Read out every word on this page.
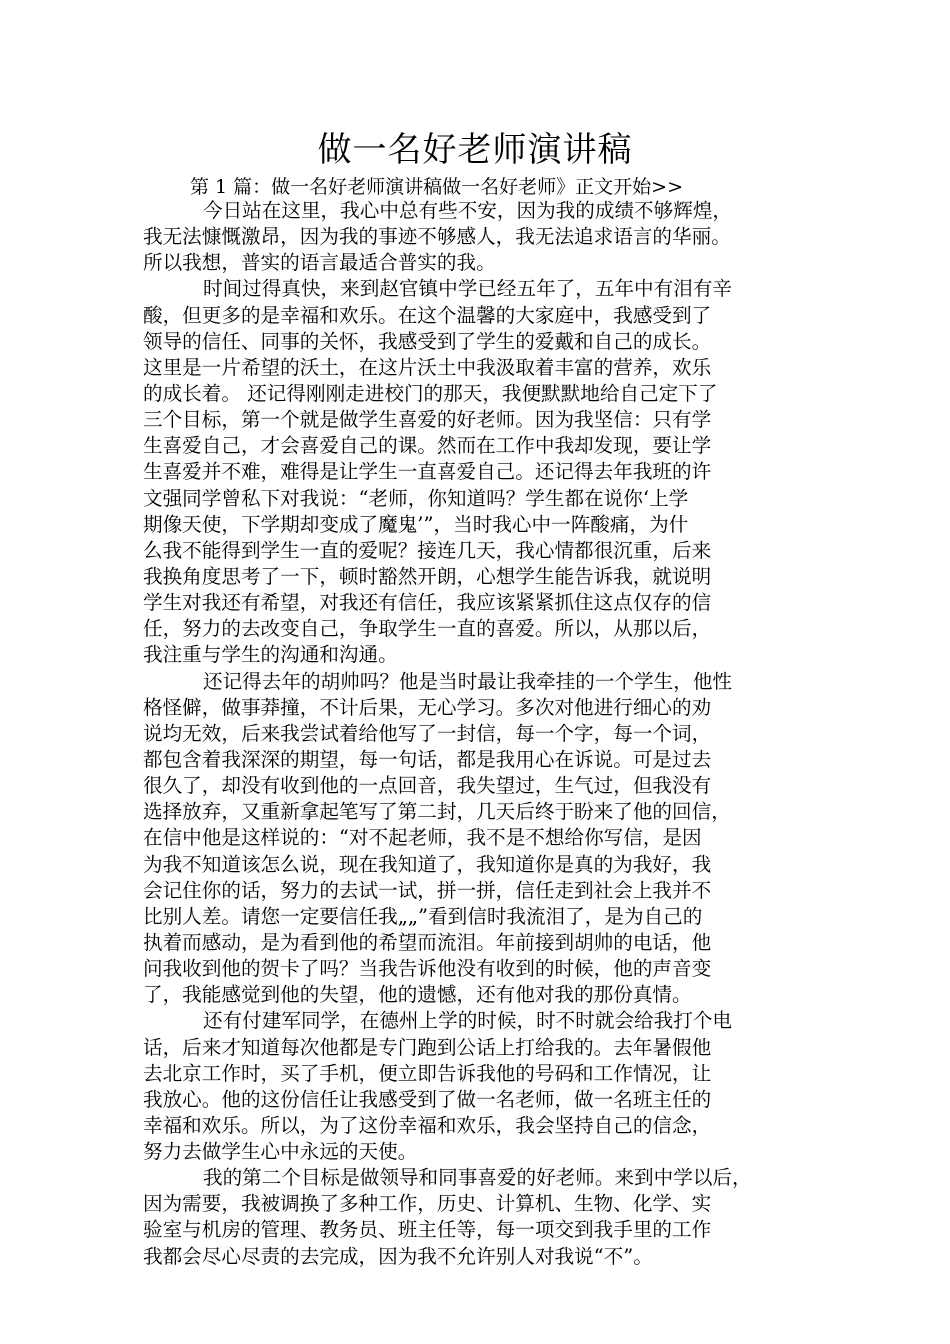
做一名好老师演讲稿
第 1 篇：做一名好老师演讲稿做一名好老师》正文开始>>
今日站在这里，我心中总有些不安，因为我的成绩不够辉煌，
我无法慷慨激昂，因为我的事迹不够感人，我无法追求语言的华丽。
所以我想，普实的语言最适合普实的我。
时间过得真快，来到赵官镇中学已经五年了，五年中有泪有辛
酸，但更多的是幸福和欢乐。在这个温馨的大家庭中，我感受到了
领导的信任、同事的关怀，我感受到了学生的爱戴和自己的成长。
这里是一片希望的沃土，在这片沃土中我汲取着丰富的营养，欢乐
的成长着。 还记得刚刚走进校门的那天，我便默默地给自己定下了
三个目标，第一个就是做学生喜爱的好老师。因为我坚信：只有学
生喜爱自己，才会喜爱自己的课。然而在工作中我却发现，要让学
生喜爱并不难，难得是让学生一直喜爱自己。还记得去年我班的许
文强同学曾私下对我说：“老师，你知道吗？学生都在说你‘上学
期像天使，下学期却变成了魔鬼’”，当时我心中一阵酸痛，为什
么我不能得到学生一直的爱呢？接连几天，我心情都很沉重，后来
我换角度思考了一下，顿时豁然开朗，心想学生能告诉我，就说明
学生对我还有希望，对我还有信任，我应该紧紧抓住这点仅存的信
任，努力的去改变自己，争取学生一直的喜爱。所以，从那以后，
我注重与学生的沟通和沟通。
还记得去年的胡帅吗？他是当时最让我牵挂的一个学生，他性
格怪僻，做事莽撞，不计后果，无心学习。多次对他进行细心的劝
说均无效，后来我尝试着给他写了一封信，每一个字，每一个词，
都包含着我深深的期望，每一句话，都是我用心在诉说。可是过去
很久了，却没有收到他的一点回音，我失望过，生气过，但我没有
选择放弃，又重新拿起笔写了第二封，几天后终于盼来了他的回信，
在信中他是这样说的：“对不起老师，我不是不想给你写信，是因
为我不知道该怎么说，现在我知道了，我知道你是真的为我好，我
会记住你的话，努力的去试一试，拼一拼，信任走到社会上我并不
比别人差。请您一定要信任我„„”看到信时我流泪了，是为自己的
执着而感动，是为看到他的希望而流泪。年前接到胡帅的电话，他
问我收到他的贺卡了吗？当我告诉他没有收到的时候，他的声音变
了，我能感觉到他的失望，他的遗憾，还有他对我的那份真情。
还有付建军同学，在德州上学的时候，时不时就会给我打个电
话，后来才知道每次他都是专门跑到公话上打给我的。去年暑假他
去北京工作时，买了手机，便立即告诉我他的号码和工作情况，让
我放心。他的这份信任让我感受到了做一名老师，做一名班主任的
幸福和欢乐。所以，为了这份幸福和欢乐，我会坚持自己的信念，
努力去做学生心中永远的天使。
我的第二个目标是做领导和同事喜爱的好老师。来到中学以后，
因为需要，我被调换了多种工作，历史、计算机、生物、化学、实
验室与机房的管理、教务员、班主任等，每一项交到我手里的工作
我都会尽心尽责的去完成，因为我不允许别人对我说“不”。
